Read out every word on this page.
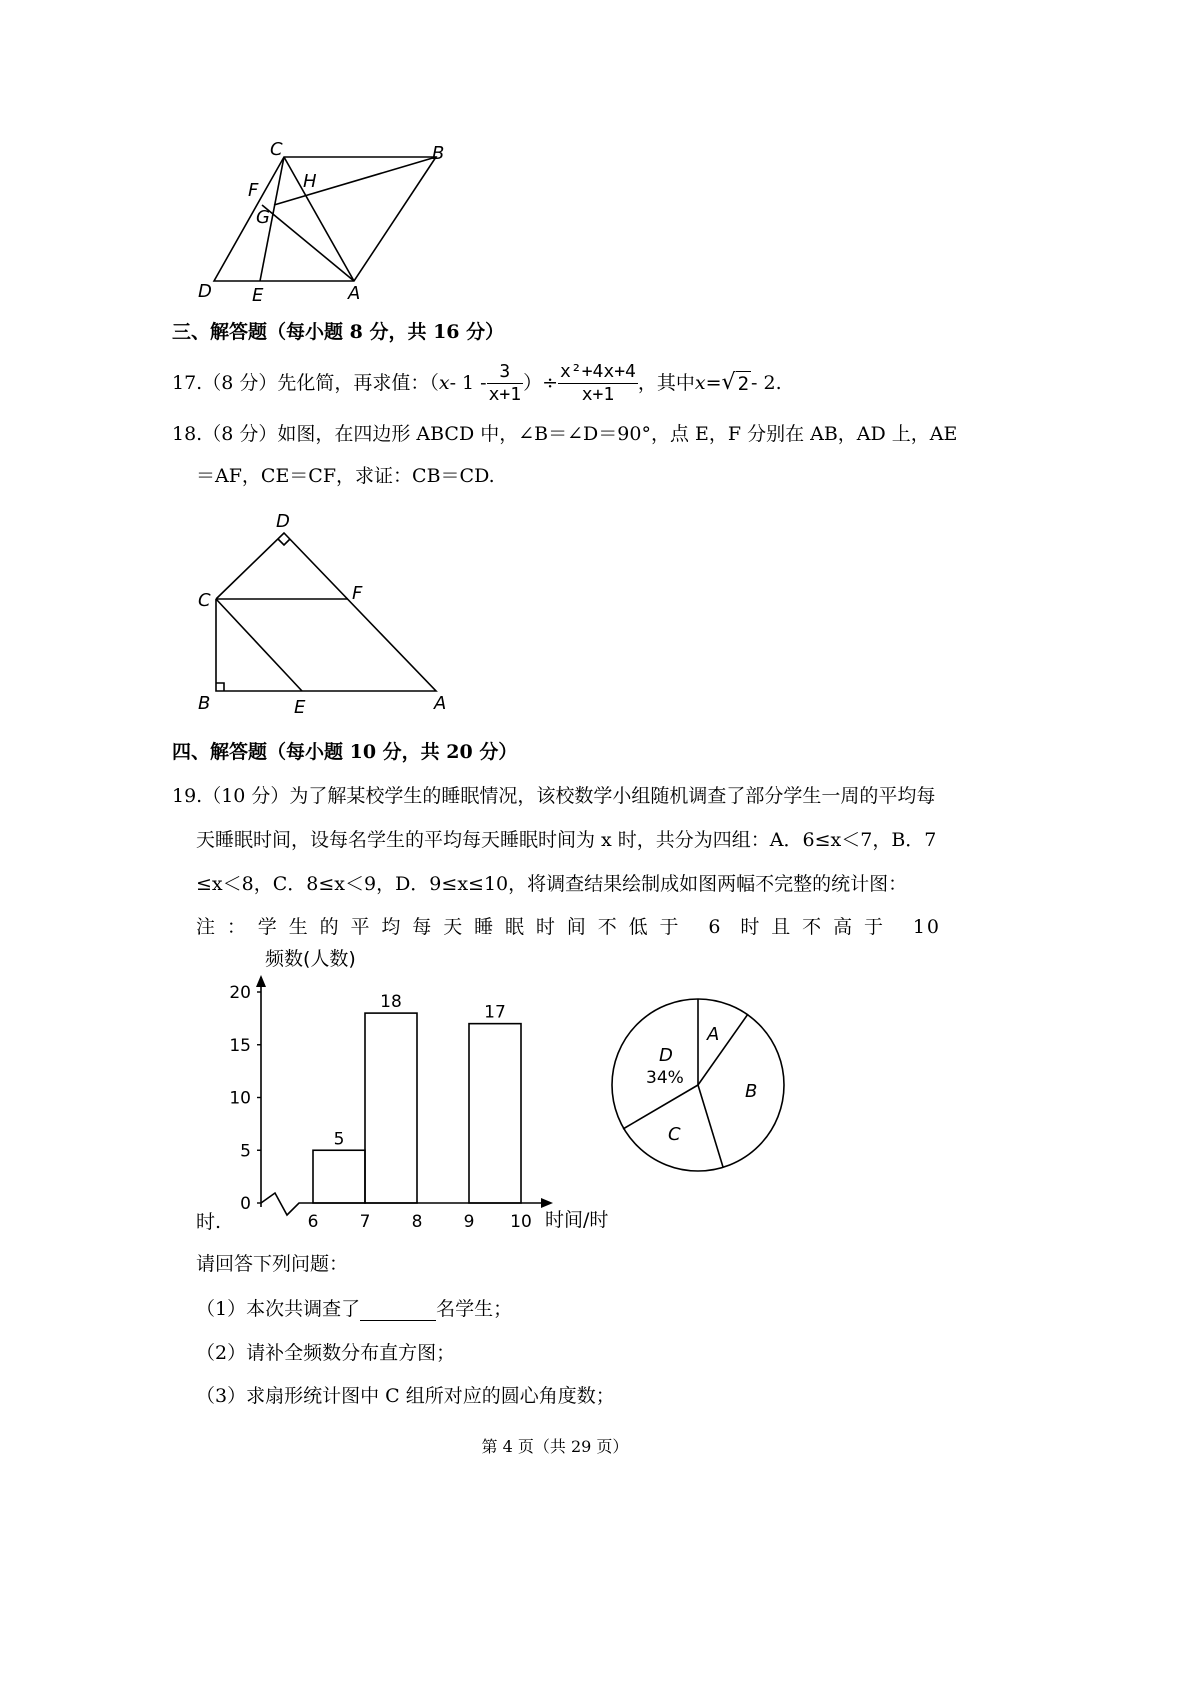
C	B
F H
G
D E	A
三、解答题（每小题 8 分，共 16 分）
17.（8 分）先化简，再求值：（ x - $1 - \frac{3}{x+1}$ ）÷ $\frac{\text{x²+4x+4}}{x+1}$ ，其中 x= √ 2 - 2.
18.（8 分）如图，在四边形 ABCD 中，∠B＝∠D＝90°，点 E，F 分别在 AB，AD 上，AE
＝AF，CE＝CF，求证：CB＝CD.
D
C	F
B	E	A
四、解答题（每小题 10 分，共 20 分）
19.（10 分）为了解某校学生的睡眠情况，该校数学小组随机调查了部分学生一周的平均每
天睡眠时间，设每名学生的平均每天睡眠时间为 x 时，共分为四组：A．6≤x＜7，B．7
≤x＜8，C．8≤x＜9，D．9≤x≤10，将调查结果绘制成如图两幅不完整的统计图：
注：学生的平均每天睡眠时间不低于 6 时且不高于 10
频数(人数)
时间/时
5
18
17
0
5
10
15
20
6 7 8 9 10
A
B
C
D
34%
时.
请回答下列问题：
（1）本次共调查了	名学生；
（2）请补全频数分布直方图；
（3）求扇形统计图中 C 组所对应的圆心角度数；
第 4 页（共 29 页）
